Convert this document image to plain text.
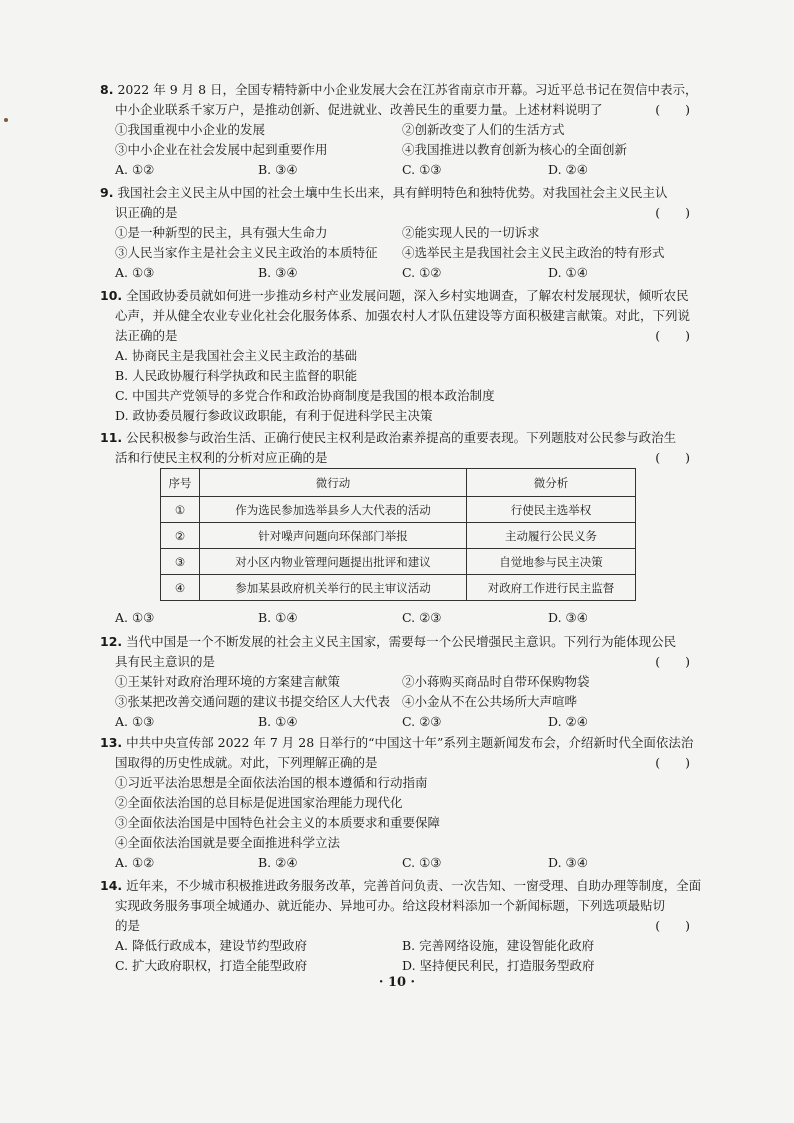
8. 2022 年 9 月 8 日，全国专精特新中小企业发展大会在江苏省南京市开幕。习近平总书记在贺信中表示，
中小企业联系千家万户，是推动创新、促进就业、改善民生的重要力量。上述材料说明了	(　　)
①我国重视中小企业的发展	②创新改变了人们的生活方式
③中小企业在社会发展中起到重要作用	④我国推进以教育创新为核心的全面创新
A. ①②	B. ③④	C. ①③	D. ②④
9. 我国社会主义民主从中国的社会土壤中生长出来，具有鲜明特色和独特优势。对我国社会主义民主认
识正确的是	(　　)
①是一种新型的民主，具有强大生命力	②能实现人民的一切诉求
③人民当家作主是社会主义民主政治的本质特征 ④选举民主是我国社会主义民主政治的特有形式
A. ①③	B. ③④	C. ①②	D. ①④
10. 全国政协委员就如何进一步推动乡村产业发展问题，深入乡村实地调查，了解农村发展现状，倾听农民
心声，并从健全农业专业化社会化服务体系、加强农村人才队伍建设等方面积极建言献策。对此，下列说
法正确的是	(　　)
A. 协商民主是我国社会主义民主政治的基础
B. 人民政协履行科学执政和民主监督的职能
C. 中国共产党领导的多党合作和政治协商制度是我国的根本政治制度
D. 政协委员履行参政议政职能，有利于促进科学民主决策
11. 公民积极参与政治生活、正确行使民主权利是政治素养提高的重要表现。下列题肢对公民参与政治生
活和行使民主权利的分析对应正确的是	(　　)
序号	微行动	微分析
①	作为选民参加选举县乡人大代表的活动	行使民主选举权
②	针对噪声问题向环保部门举报	主动履行公民义务
③	对小区内物业管理问题提出批评和建议	自觉地参与民主决策
④	参加某县政府机关举行的民主审议活动	对政府工作进行民主监督
A. ①③	B. ①④	C. ②③	D. ③④
12. 当代中国是一个不断发展的社会主义民主国家，需要每一个公民增强民主意识。下列行为能体现公民
具有民主意识的是	(　　)
①王某针对政府治理环境的方案建言献策	②小蒋购买商品时自带环保购物袋
③张某把改善交通问题的建议书提交给区人大代表 ④小金从不在公共场所大声喧哗
A. ①③	B. ①④	C. ②③	D. ②④
13. 中共中央宣传部 2022 年 7 月 28 日举行的“中国这十年”系列主题新闻发布会，介绍新时代全面依法治
国取得的历史性成就。对此，下列理解正确的是	(　　)
①习近平法治思想是全面依法治国的根本遵循和行动指南
②全面依法治国的总目标是促进国家治理能力现代化
③全面依法治国是中国特色社会主义的本质要求和重要保障
④全面依法治国就是要全面推进科学立法
A. ①②	B. ②④	C. ①③	D. ③④
14. 近年来，不少城市积极推进政务服务改革，完善首问负责、一次告知、一窗受理、自助办理等制度，全面
实现政务服务事项全城通办、就近能办、异地可办。给这段材料添加一个新闻标题，下列选项最贴切
的是	(　　)
A. 降低行政成本，建设节约型政府	B. 完善网络设施，建设智能化政府
C. 扩大政府职权，打造全能型政府	D. 坚持便民利民，打造服务型政府
· 10 ·
